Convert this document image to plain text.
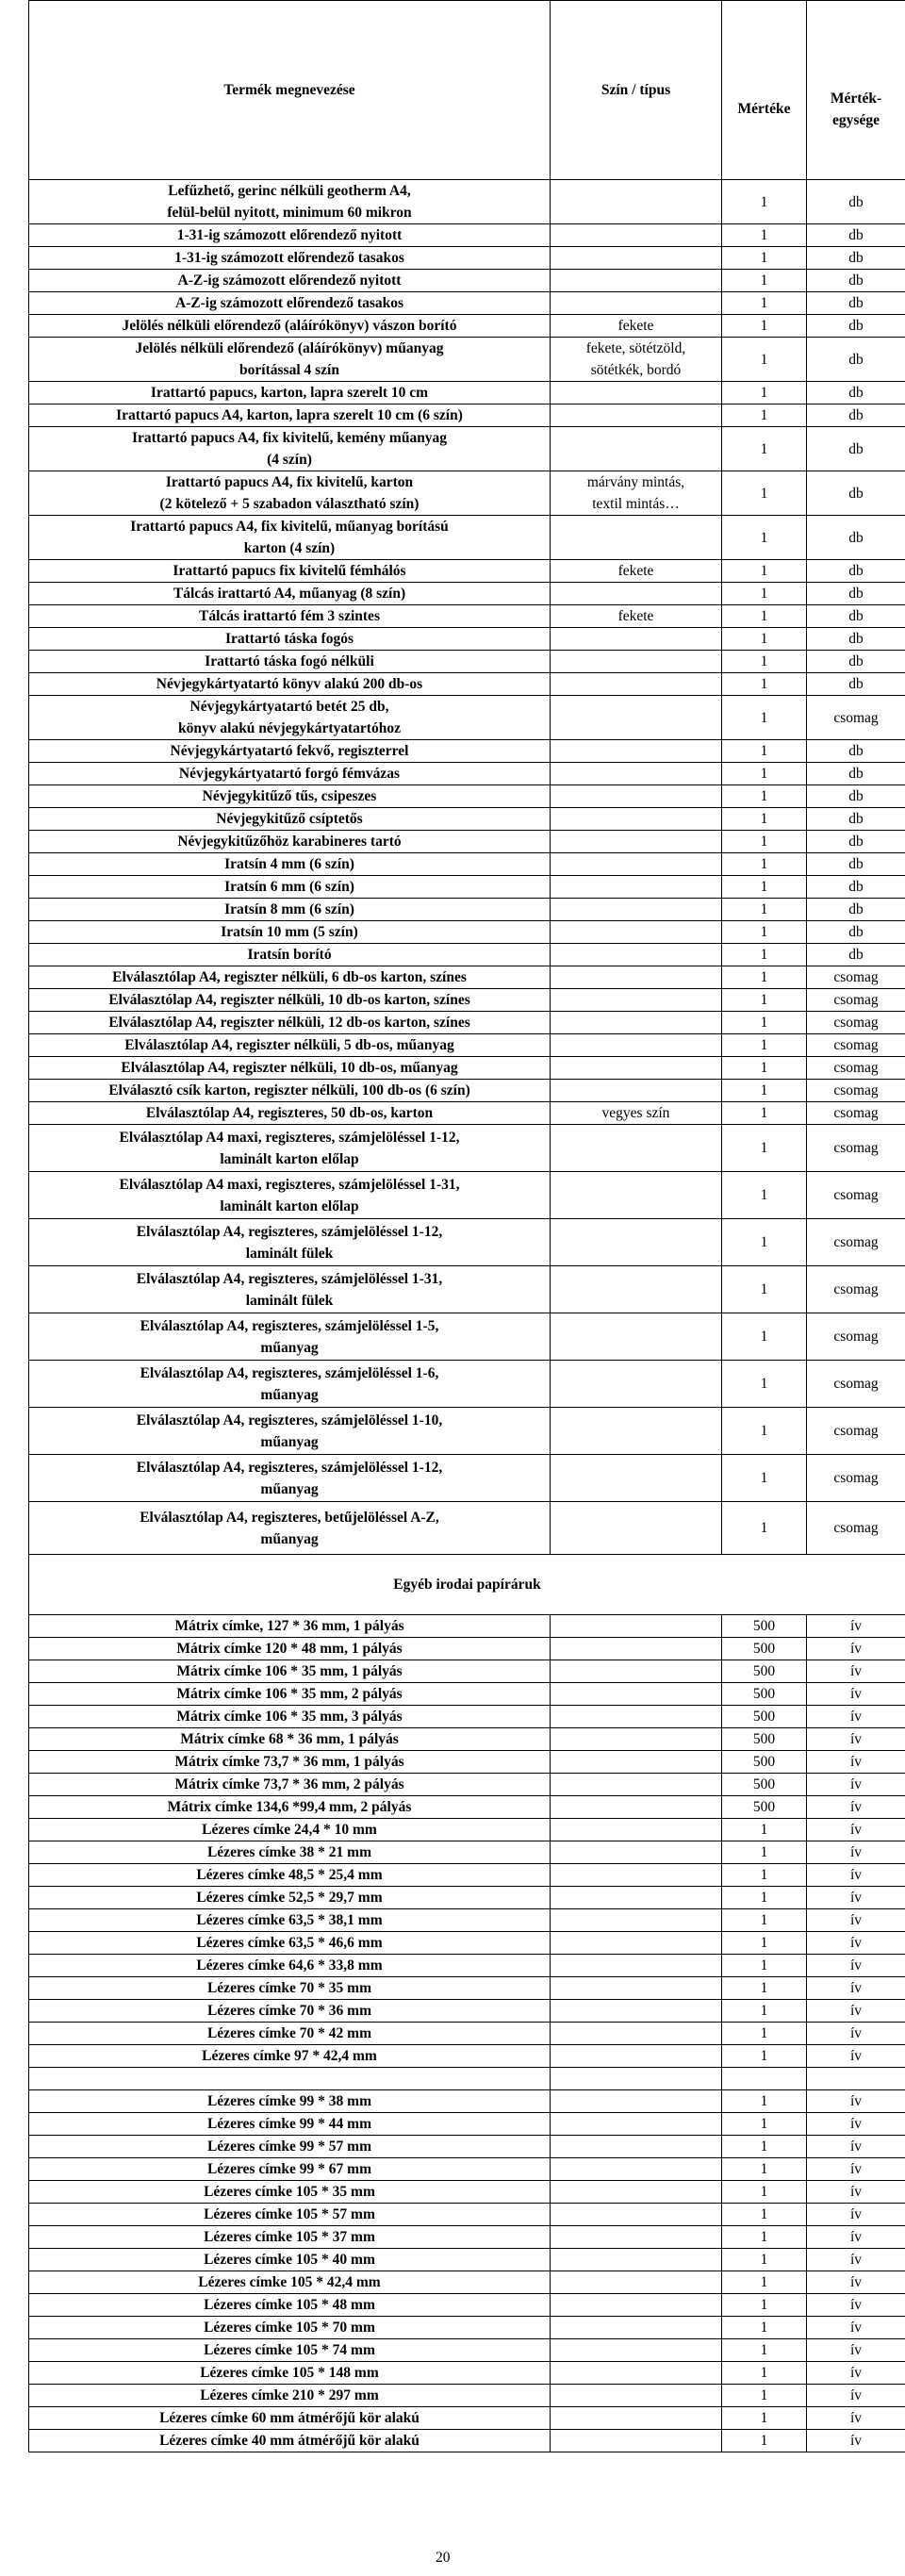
Termék megnevezése	Szín / típus	Mértéke	Mérték-
egysége
Lefűzhető, gerinc nélküli geotherm A4,
felül-belül nyitott, minimum 60 mikron		1	db
1-31-ig számozott előrendező nyitott		1	db
1-31-ig számozott előrendező tasakos		1	db
A-Z-ig számozott előrendező nyitott		1	db
A-Z-ig számozott előrendező tasakos		1	db
Jelölés nélküli előrendező (aláírókönyv) vászon borító	fekete	1	db
Jelölés nélküli előrendező (aláírókönyv) műanyag
borítással 4 szín	fekete, sötétzöld,
sötétkék, bordó	1	db
Irattartó papucs, karton, lapra szerelt 10 cm		1	db
Irattartó papucs A4, karton, lapra szerelt 10 cm (6 szín)		1	db
Irattartó papucs A4, fix kivitelű, kemény műanyag
(4 szín)		1	db
Irattartó papucs A4, fix kivitelű, karton
(2 kötelező + 5 szabadon választható szín)	márvány mintás,
textil mintás…	1	db
Irattartó papucs A4, fix kivitelű, műanyag borítású
karton (4 szín)		1	db
Irattartó papucs fix kivitelű fémhálós	fekete	1	db
Tálcás irattartó A4, műanyag (8 szín)		1	db
Tálcás irattartó fém 3 szintes	fekete	1	db
Irattartó táska fogós		1	db
Irattartó táska fogó nélküli		1	db
Névjegykártyatartó könyv alakú 200 db-os		1	db
Névjegykártyatartó betét 25 db,
könyv alakú névjegykártyatartóhoz		1	csomag
Névjegykártyatartó fekvő, regiszterrel		1	db
Névjegykártyatartó forgó fémvázas		1	db
Névjegykitűző tűs, csipeszes		1	db
Névjegykitűző csíptetős		1	db
Névjegykitűzőhöz karabineres tartó		1	db
Iratsín 4 mm (6 szín)		1	db
Iratsín 6 mm (6 szín)		1	db
Iratsín 8 mm (6 szín)		1	db
Iratsín 10 mm (5 szín)		1	db
Iratsín borító		1	db
Elválasztólap A4, regiszter nélküli, 6 db-os karton, színes		1	csomag
Elválasztólap A4, regiszter nélküli, 10 db-os karton, színes		1	csomag
Elválasztólap A4, regiszter nélküli, 12 db-os karton, színes		1	csomag
Elválasztólap A4, regiszter nélküli, 5 db-os, műanyag		1	csomag
Elválasztólap A4, regiszter nélküli, 10 db-os, műanyag		1	csomag
Elválasztó csík karton, regiszter nélküli, 100 db-os (6 szín)		1	csomag
Elválasztólap A4, regiszteres, 50 db-os, karton	vegyes szín	1	csomag
Elválasztólap A4 maxi, regiszteres, számjelöléssel 1-12,
laminált karton előlap		1	csomag
Elválasztólap A4 maxi, regiszteres, számjelöléssel 1-31,
laminált karton előlap		1	csomag
Elválasztólap A4, regiszteres, számjelöléssel 1-12,
laminált fülek		1	csomag
Elválasztólap A4, regiszteres, számjelöléssel 1-31,
laminált fülek		1	csomag
Elválasztólap A4, regiszteres, számjelöléssel 1-5,
műanyag		1	csomag
Elválasztólap A4, regiszteres, számjelöléssel 1-6,
műanyag		1	csomag
Elválasztólap A4, regiszteres, számjelöléssel 1-10,
műanyag		1	csomag
Elválasztólap A4, regiszteres, számjelöléssel 1-12,
műanyag		1	csomag
Elválasztólap A4, regiszteres, betűjelöléssel A-Z,
műanyag		1	csomag
Egyéb irodai papíráruk			
Mátrix címke, 127 * 36 mm, 1 pályás		500	ív
Mátrix címke 120 * 48 mm, 1 pályás		500	ív
Mátrix címke 106 * 35 mm, 1 pályás		500	ív
Mátrix címke 106 * 35 mm, 2 pályás		500	ív
Mátrix címke 106 * 35 mm, 3 pályás		500	ív
Mátrix címke 68 * 36 mm, 1 pályás		500	ív
Mátrix címke 73,7 * 36 mm, 1 pályás		500	ív
Mátrix címke 73,7 * 36 mm, 2 pályás		500	ív
Mátrix címke 134,6 *99,4 mm, 2 pályás		500	ív
Lézeres címke 24,4 * 10 mm		1	ív
Lézeres címke 38 * 21 mm		1	ív
Lézeres címke 48,5 * 25,4 mm		1	ív
Lézeres címke 52,5 * 29,7 mm		1	ív
Lézeres címke 63,5 * 38,1 mm		1	ív
Lézeres címke 63,5 * 46,6 mm		1	ív
Lézeres címke 64,6 * 33,8 mm		1	ív
Lézeres címke 70 * 35 mm		1	ív
Lézeres címke 70 * 36 mm		1	ív
Lézeres címke 70 * 42 mm		1	ív
Lézeres címke 97 * 42,4 mm		1	ív

Lézeres címke 99 * 38 mm		1	ív
Lézeres címke 99 * 44 mm		1	ív
Lézeres címke 99 * 57 mm		1	ív
Lézeres címke 99 * 67 mm		1	ív
Lézeres címke 105 * 35 mm		1	ív
Lézeres címke 105 * 57 mm		1	ív
Lézeres címke 105 * 37 mm		1	ív
Lézeres címke 105 * 40 mm		1	ív
Lézeres címke 105 * 42,4 mm		1	ív
Lézeres címke 105 * 48 mm		1	ív
Lézeres címke 105 * 70 mm		1	ív
Lézeres címke 105 * 74 mm		1	ív
Lézeres címke 105 * 148 mm		1	ív
Lézeres címke 210 * 297 mm		1	ív
Lézeres címke 60 mm átmérőjű kör alakú		1	ív
Lézeres címke 40 mm átmérőjű kör alakú		1	ív
20
